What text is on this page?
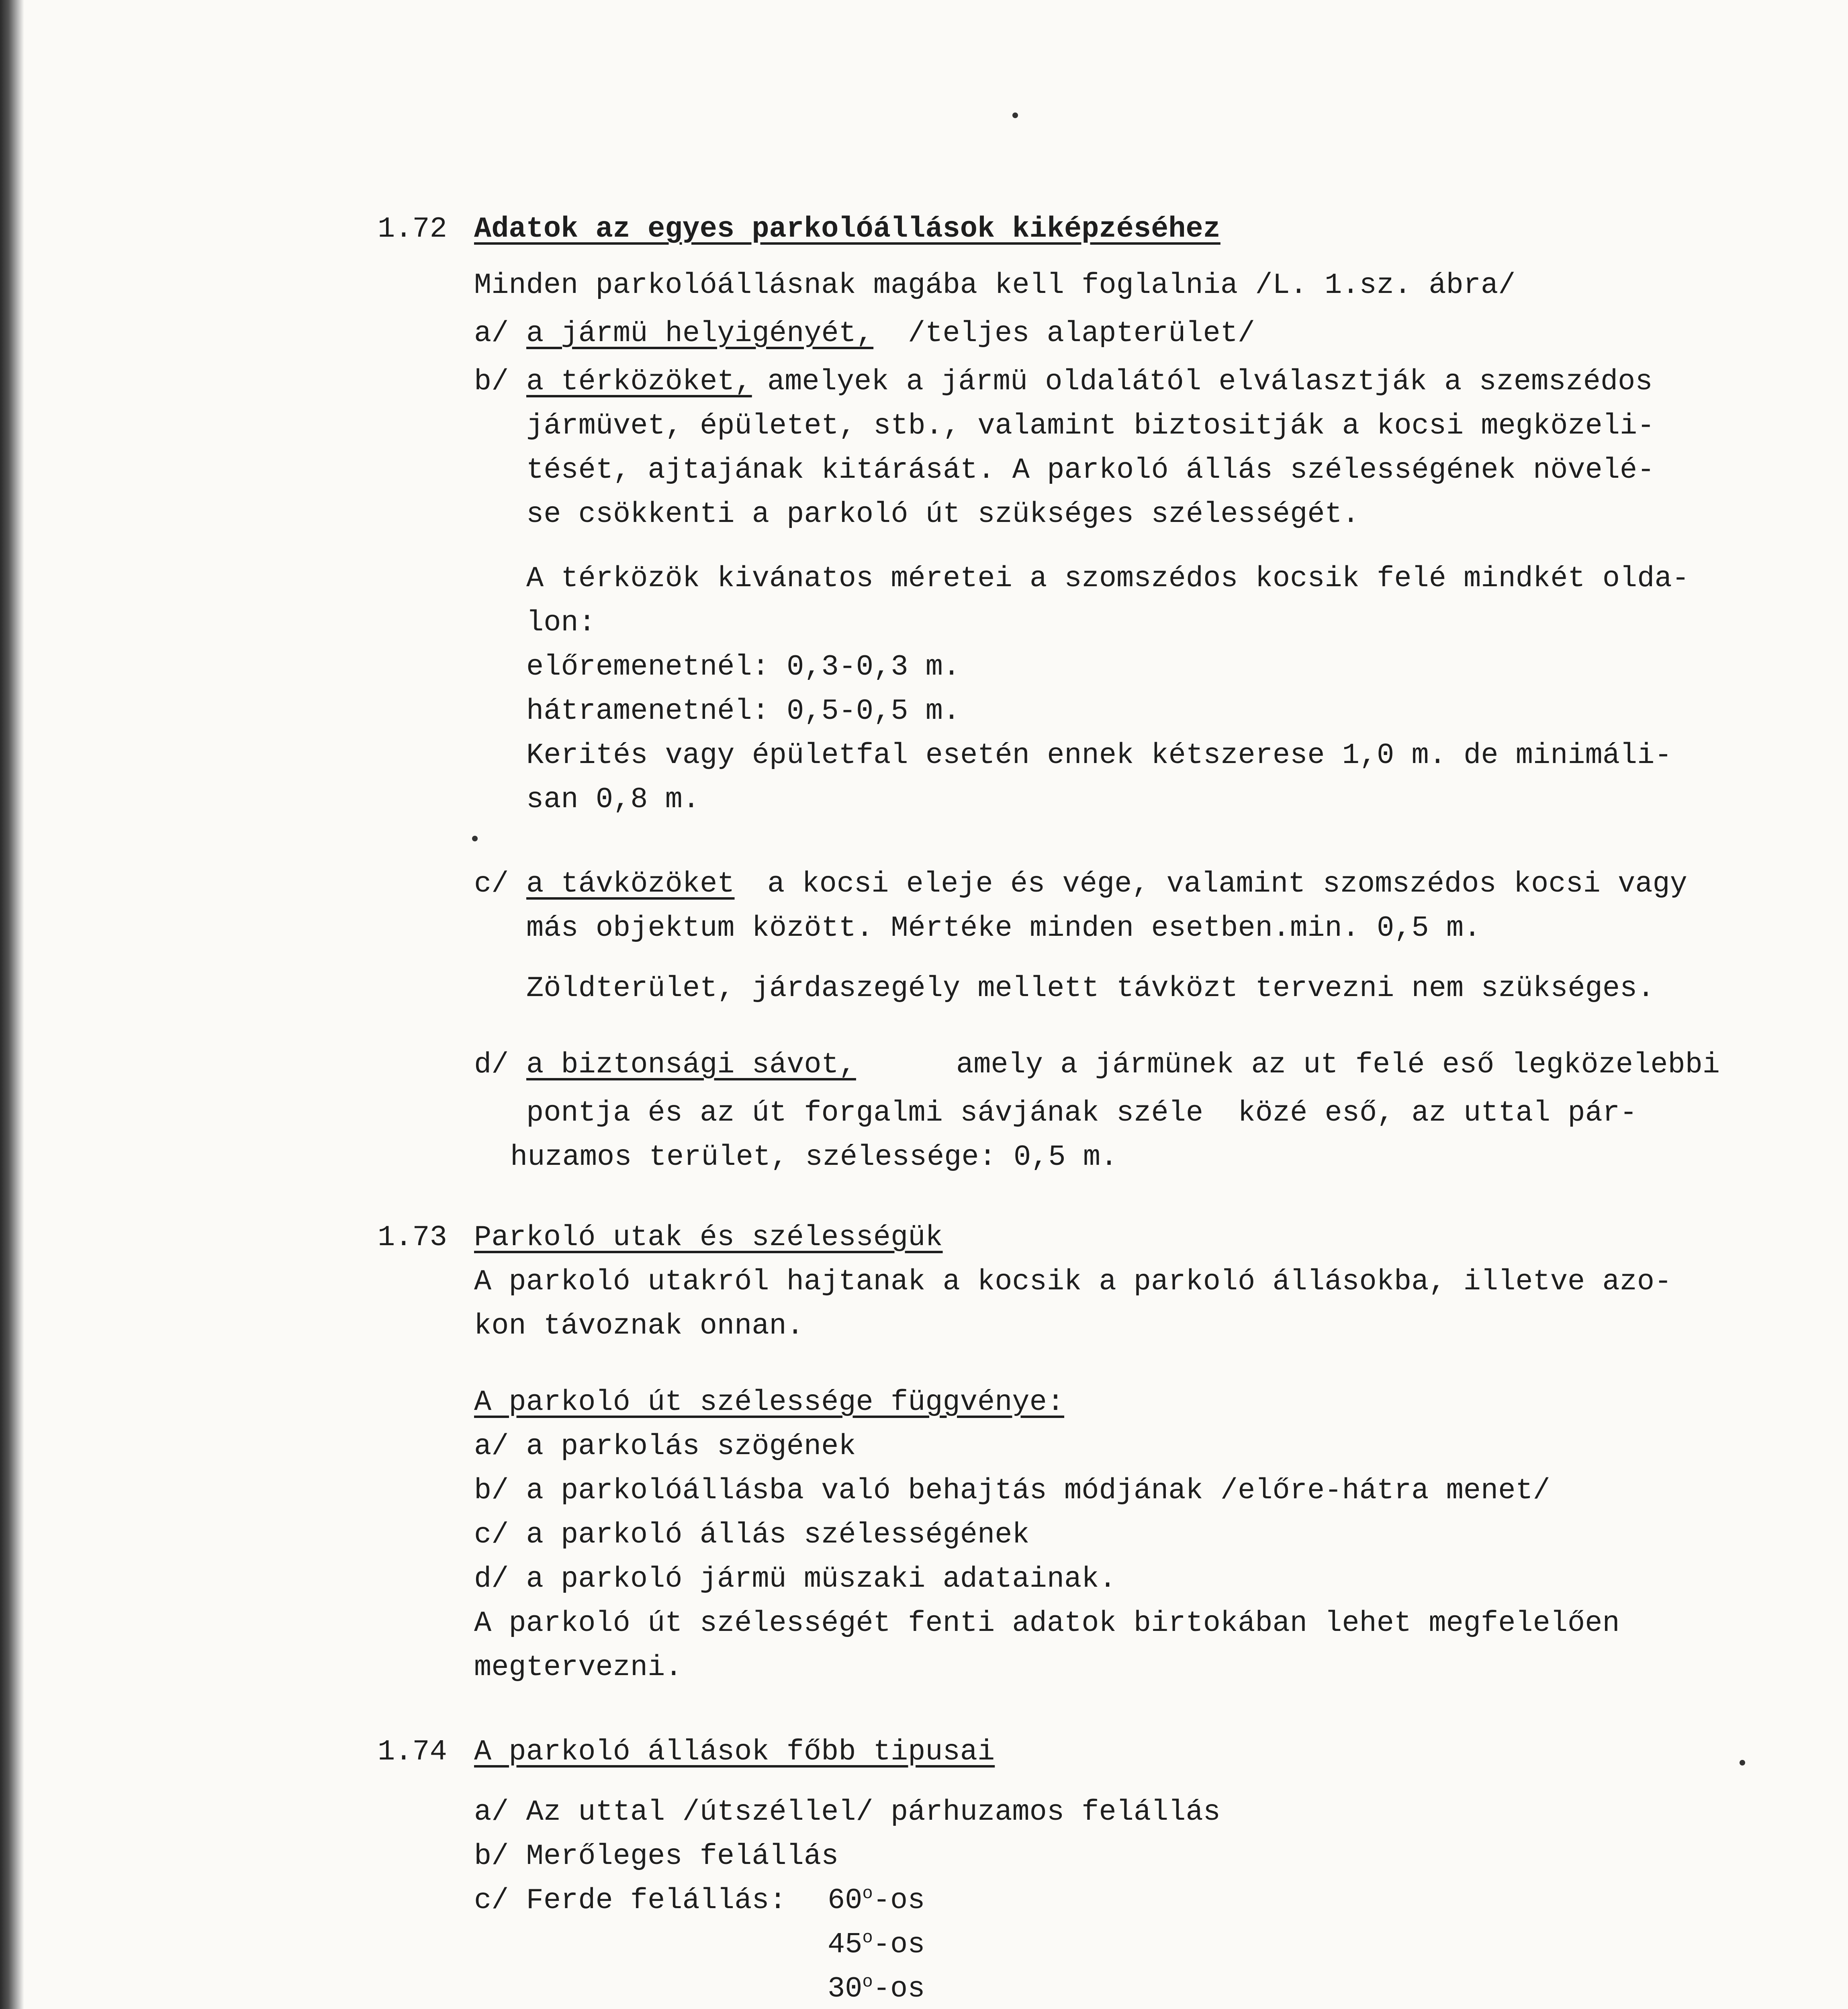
1.72 Adatok az egyes parkolóállások kiképzéséhez
Minden parkolóállásnak magába kell foglalnia /L. 1.sz. ábra/
a/ a jármü helyigényét, /teljes alapterület/
b/ a térközöket, amelyek a jármü oldalától elválasztják a szemszédos
jármüvet, épületet, stb., valamint biztositják a kocsi megközeli-
tését, ajtajának kitárását. A parkoló állás szélességének növelé-
se csökkenti a parkoló út szükséges szélességét.
A térközök kivánatos méretei a szomszédos kocsik felé mindkét olda-
lon:
előremenetnél: 0,3-0,3 m.
hátramenetnél: 0,5-0,5 m.
Kerités vagy épületfal esetén ennek kétszerese 1,0 m. de minimáli-
san 0,8 m.
c/ a távközöket a kocsi eleje és vége, valamint szomszédos kocsi vagy
más objektum között. Mértéke minden esetben.min. 0,5 m.
Zöldterület, járdaszegély mellett távközt tervezni nem szükséges.
d/ a biztonsági sávot,	amely a jármünek az ut felé eső legközelebbi
pontja és az út forgalmi sávjának széle  közé eső, az uttal pár-
huzamos terület, szélessége: 0,5 m.
1.73 Parkoló utak és szélességük
A parkoló utakról hajtanak a kocsik a parkoló állásokba, illetve azo-
kon távoznak onnan.
A parkoló út szélessége függvénye:
a/ a parkolás szögének
b/ a parkolóállásba való behajtás módjának /előre-hátra menet/
c/ a parkoló állás szélességének
d/ a parkoló jármü müszaki adatainak.
A parkoló út szélességét fenti adatok birtokában lehet megfelelően
megtervezni.
1.74 A parkoló állások főbb tipusai
a/ Az uttal /útszéllel/ párhuzamos felállás
b/ Merőleges felállás
c/ Ferde felállás: 60$^o$-os
45$^o$-os
30$^o$-os
